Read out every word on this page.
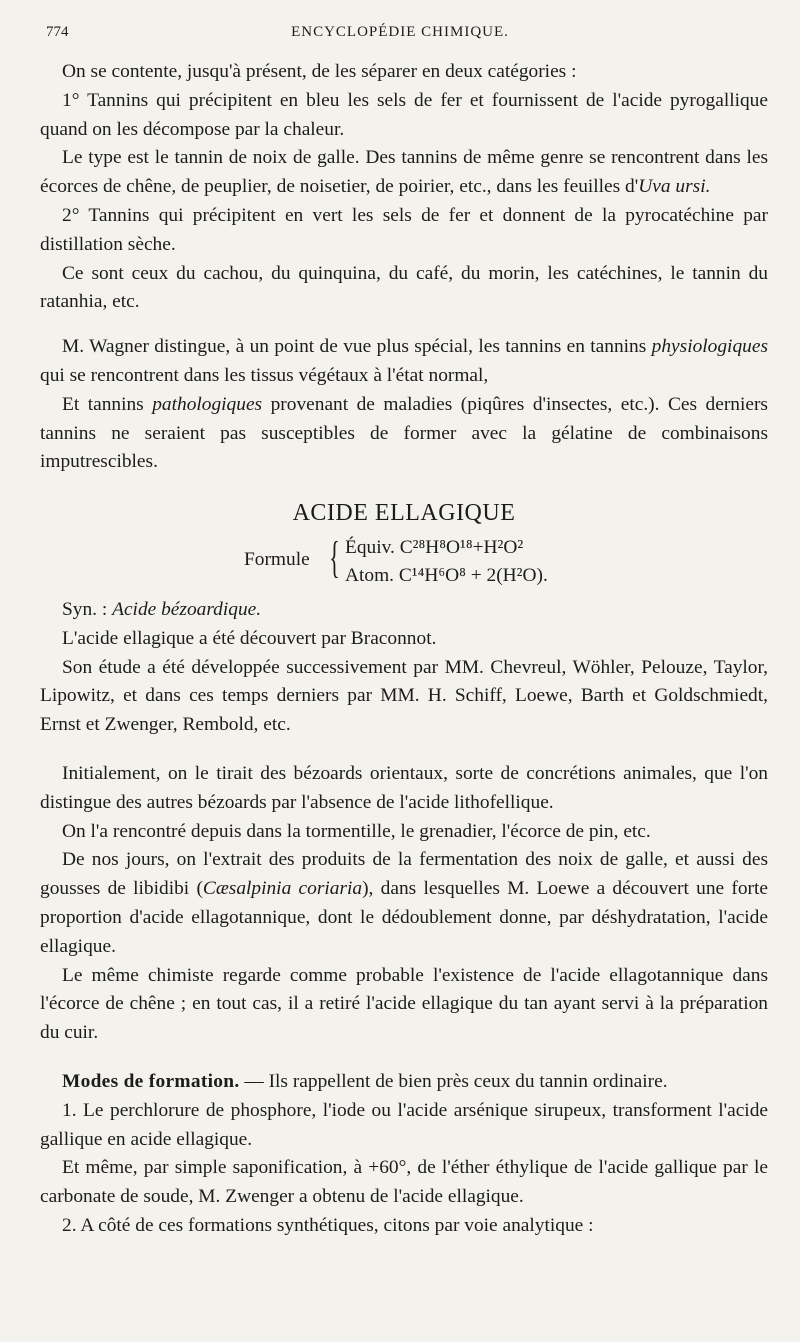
774	ENCYCLOPÉDIE CHIMIQUE.

On se contente, jusqu'à présent, de les séparer en deux catégories :

1° Tannins qui précipitent en bleu les sels de fer et fournissent de l'acide pyrogallique quand on les décompose par la chaleur.

Le type est le tannin de noix de galle. Des tannins de même genre se rencontrent dans les écorces de chêne, de peuplier, de noisetier, de poirier, etc., dans les feuilles d'Uva ursi.

2° Tannins qui précipitent en vert les sels de fer et donnent de la pyrocatéchine par distillation sèche.

Ce sont ceux du cachou, du quinquina, du café, du morin, les catéchines, le tannin du ratanhia, etc.

M. Wagner distingue, à un point de vue plus spécial, les tannins en tannins physiologiques qui se rencontrent dans les tissus végétaux à l'état normal,

Et tannins pathologiques provenant de maladies (piqûres d'insectes, etc.). Ces derniers tannins ne seraient pas susceptibles de former avec la gélatine de combinaisons imputrescibles.

ACIDE ELLAGIQUE
Formule { Équiv. C²⁸H⁸O¹⁸+H²O²
Atom. C¹⁴H⁶O⁸ + 2(H²O).

Syn. : Acide bézoardique.

L'acide ellagique a été découvert par Braconnot.

Son étude a été développée successivement par MM. Chevreul, Wöhler, Pelouze, Taylor, Lipowitz, et dans ces temps derniers par MM. H. Schiff, Loewe, Barth et Goldschmiedt, Ernst et Zwenger, Rembold, etc.

Initialement, on le tirait des bézoards orientaux, sorte de concrétions animales, que l'on distingue des autres bézoards par l'absence de l'acide lithofellique.

On l'a rencontré depuis dans la tormentille, le grenadier, l'écorce de pin, etc.

De nos jours, on l'extrait des produits de la fermentation des noix de galle, et aussi des gousses de libidibi (Cæsalpinia coriaria), dans lesquelles M. Loewe a découvert une forte proportion d'acide ellagotannique, dont le dédoublement donne, par déshydratation, l'acide ellagique.

Le même chimiste regarde comme probable l'existence de l'acide ellagotannique dans l'écorce de chêne ; en tout cas, il a retiré l'acide ellagique du tan ayant servi à la préparation du cuir.

Modes de formation. — Ils rappellent de bien près ceux du tannin ordinaire.

1. Le perchlorure de phosphore, l'iode ou l'acide arsénique sirupeux, transforment l'acide gallique en acide ellagique.

Et même, par simple saponification, à +60°, de l'éther éthylique de l'acide gallique par le carbonate de soude, M. Zwenger a obtenu de l'acide ellagique.

2. A côté de ces formations synthétiques, citons par voie analytique :
